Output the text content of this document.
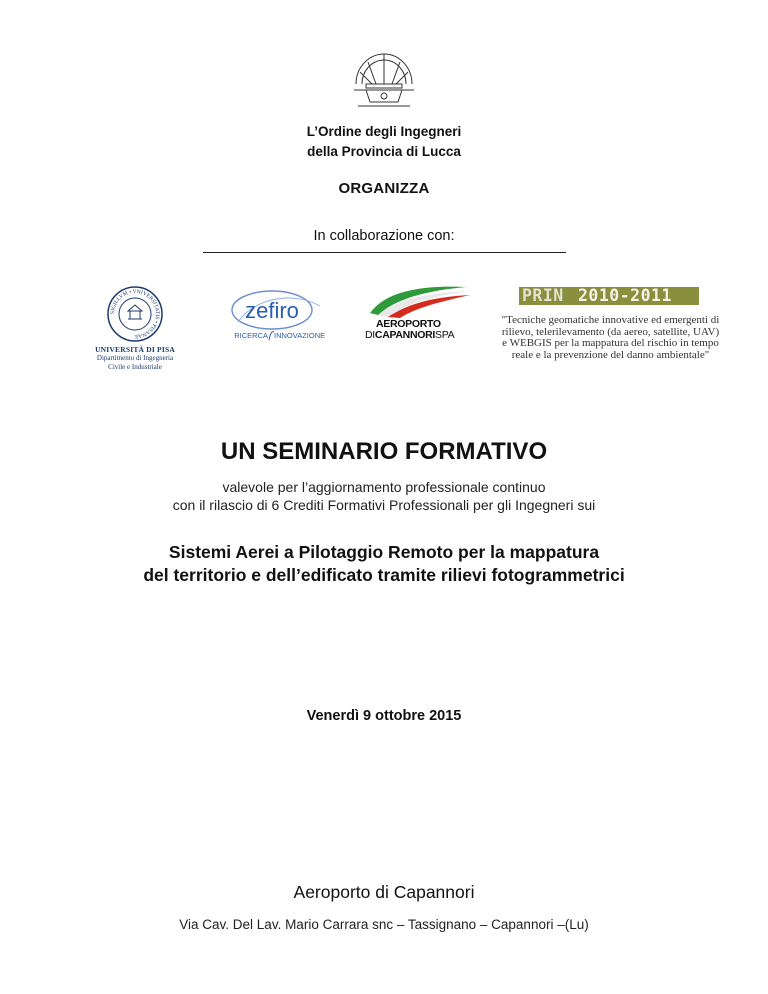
L’Ordine degli Ingegneri
della Provincia di Lucca
ORGANIZZA
In collaborazione con:
SIGILLVM • VNIVERSITATIS • PISANAE
UNIVERSITÀ DI PISA
Dipartimento di Ingegneria
Civile e Industriale
zefiro
RICERCA INNOVAZIONE
AEROPORTO
DICAPANNORISPA
PRIN 2010-2011
"Tecniche geomatiche innovative ed emergenti di
rilievo, telerilevamento (da aereo, satellite, UAV)
e WEBGIS per la mappatura del rischio in tempo
reale e la prevenzione del danno ambientale"
UN SEMINARIO FORMATIVO
valevole per l’aggiornamento professionale continuo
con il rilascio di 6 Crediti Formativi Professionali per gli Ingegneri sui
Sistemi Aerei a Pilotaggio Remoto per la mappatura
del territorio e dell’edificato tramite rilievi fotogrammetrici
Venerdì 9 ottobre 2015
Aeroporto di Capannori
Via Cav. Del Lav. Mario Carrara snc – Tassignano – Capannori –(Lu)
